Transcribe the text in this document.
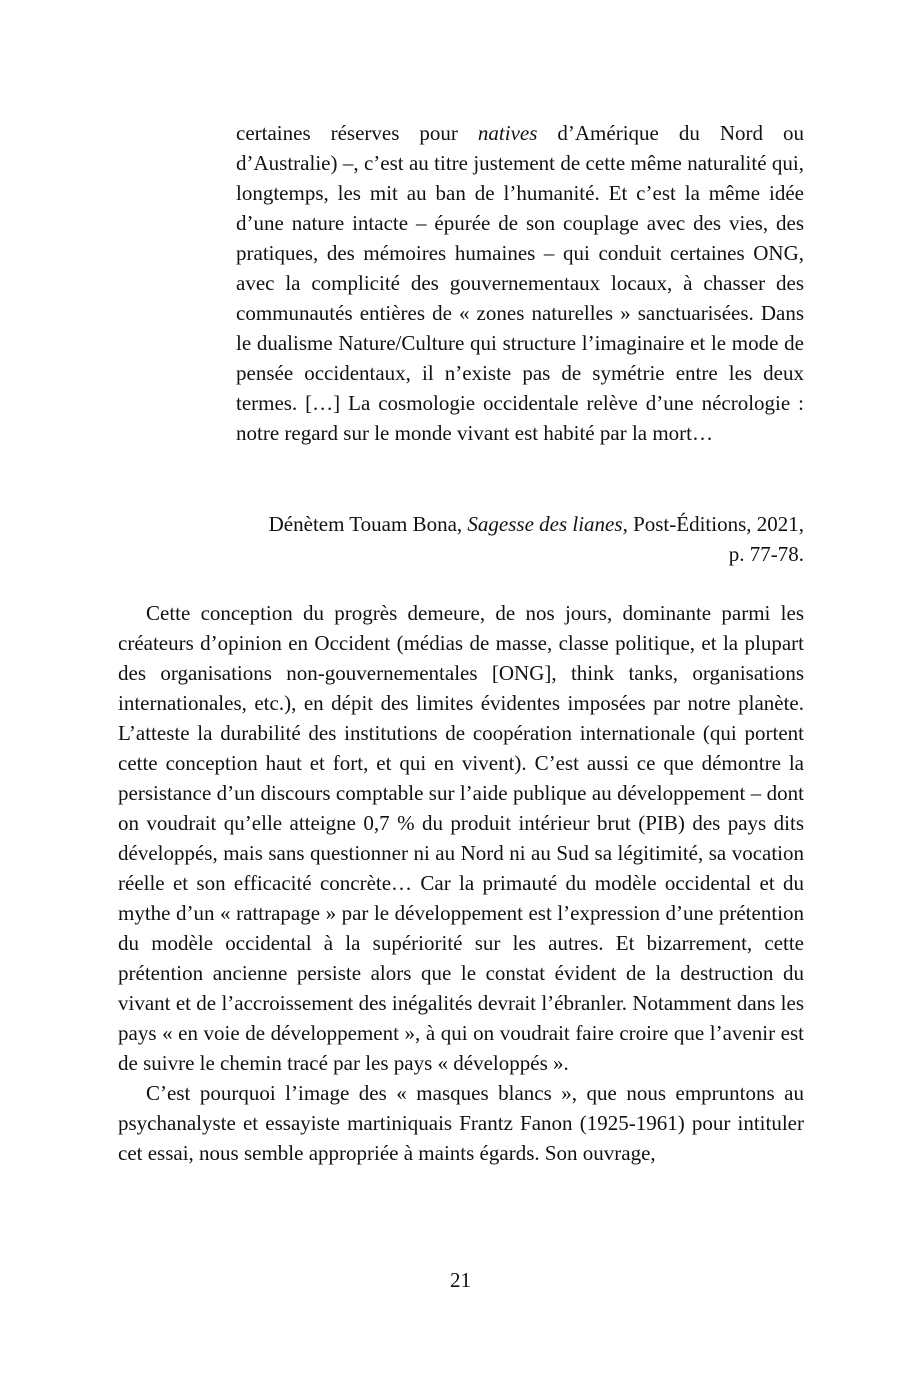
certaines réserves pour natives d’Amérique du Nord ou d’Australie) –, c’est au titre justement de cette même naturalité qui, longtemps, les mit au ban de l’humanité. Et c’est la même idée d’une nature intacte – épurée de son couplage avec des vies, des pratiques, des mémoires humaines – qui conduit certaines ONG, avec la complicité des gouvernementaux locaux, à chasser des communautés entières de « zones naturelles » sanctuarisées. Dans le dualisme Nature/Culture qui structure l’imaginaire et le mode de pensée occidentaux, il n’existe pas de symétrie entre les deux termes. […] La cosmologie occidentale relève d’une nécrologie : notre regard sur le monde vivant est habité par la mort…

Dénètem Touam Bona, Sagesse des lianes, Post-Éditions, 2021,

p. 77-78.

Cette conception du progrès demeure, de nos jours, dominante parmi les créateurs d’opinion en Occident (médias de masse, classe politique, et la plupart des organisations non-gouvernementales [ONG], think tanks, organisations internationales, etc.), en dépit des limites évidentes imposées par notre planète. L’atteste la durabilité des institutions de coopération internationale (qui portent cette conception haut et fort, et qui en vivent). C’est aussi ce que démontre la persistance d’un discours comptable sur l’aide publique au développement – dont on voudrait qu’elle atteigne 0,7 % du produit intérieur brut (PIB) des pays dits développés, mais sans questionner ni au Nord ni au Sud sa légitimité, sa vocation réelle et son efficacité concrète… Car la primauté du modèle occidental et du mythe d’un « rattrapage » par le développement est l’expression d’une prétention du modèle occidental à la supériorité sur les autres. Et bizarrement, cette prétention ancienne persiste alors que le constat évident de la destruction du vivant et de l’accroissement des inégalités devrait l’ébranler. Notamment dans les pays « en voie de développement », à qui on voudrait faire croire que l’avenir est de suivre le chemin tracé par les pays « développés ».

C’est pourquoi l’image des « masques blancs », que nous empruntons au psychanalyste et essayiste martiniquais Frantz Fanon (1925-1961) pour intituler cet essai, nous semble appropriée à maints égards. Son ouvrage,

21
